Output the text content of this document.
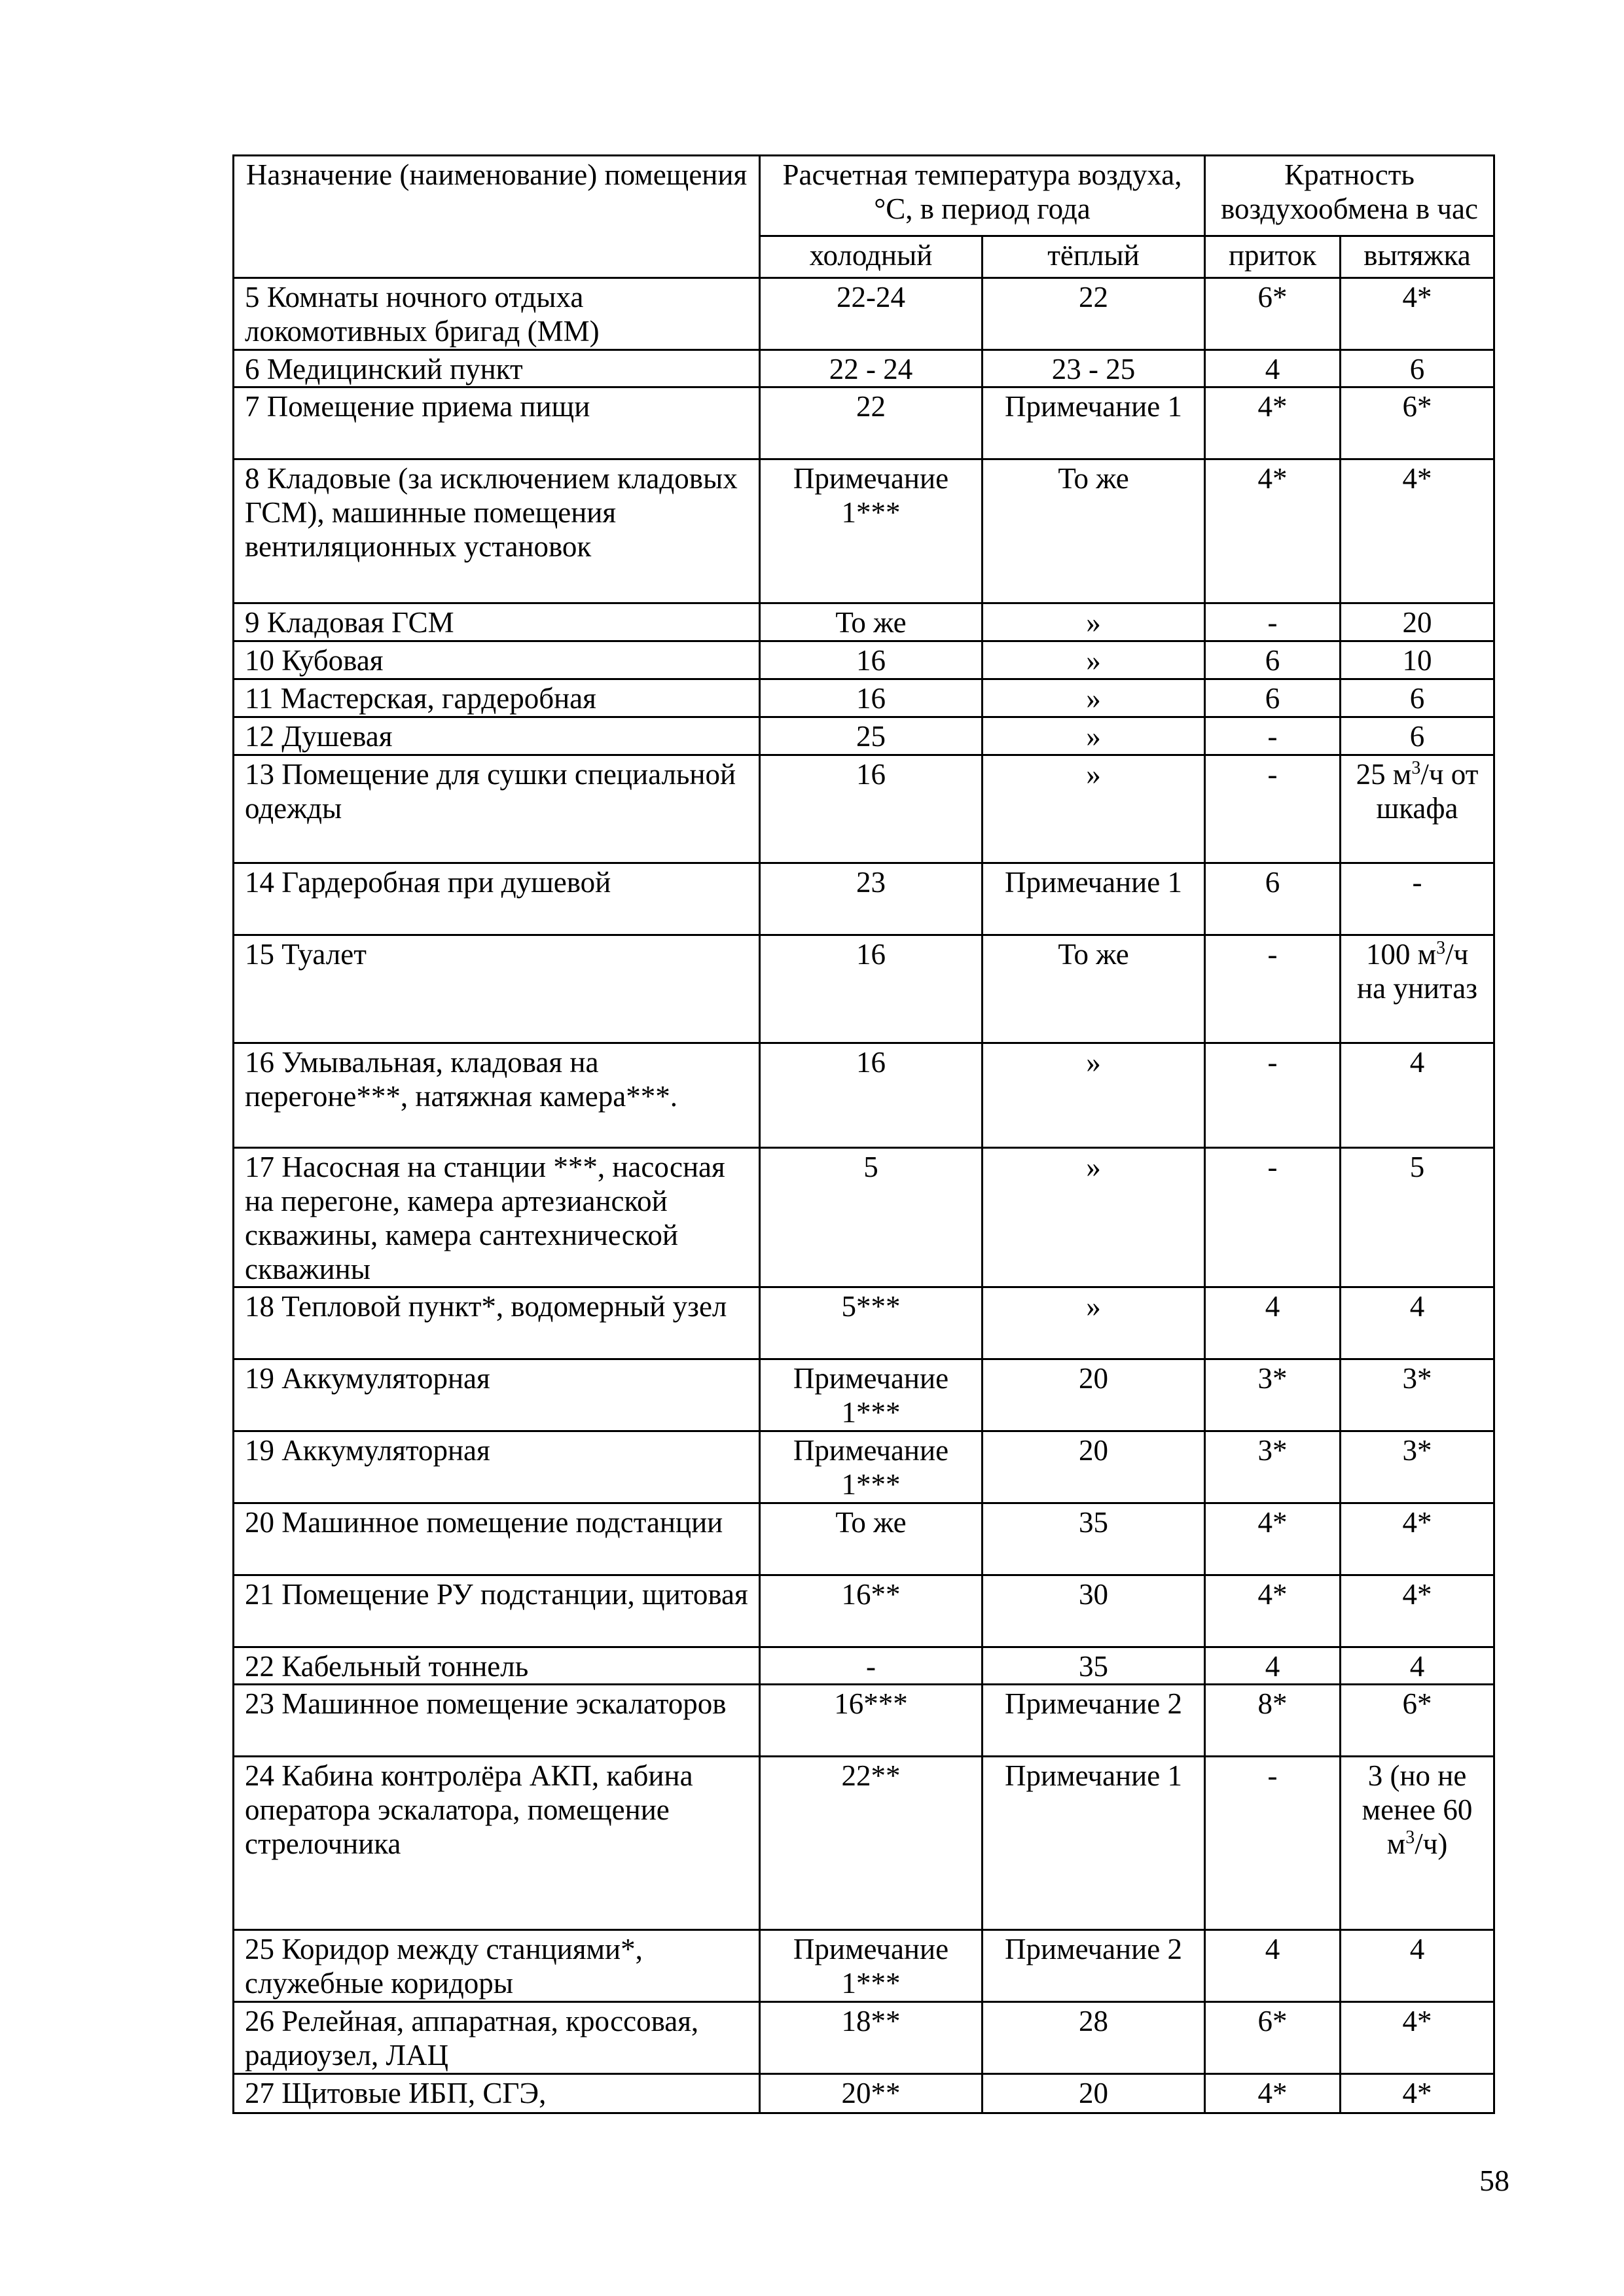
Назначение (наименование) помещения	Расчетная температура воздуха, °С, в период года		Кратность воздухообмена в час	
	холодный	тёплый	приток	вытяжка
5 Комнаты ночного отдыха локомотивных бригад (ММ)	22-24	22	6*	4*
6 Медицинский пункт	22 - 24	23 - 25	4	6
7 Помещение приема пищи	22	Примечание 1	4*	6*
8 Кладовые (за исключением кладовых ГСМ), машинные помещения вентиляционных установок	Примечание 1***	То же	4*	4*
9 Кладовая ГСМ	То же	»	-	20
10 Кубовая	16	»	6	10
11 Мастерская, гардеробная	16	»	6	6
12 Душевая	25	»	-	6
13 Помещение для сушки специальной одежды	16	»	-	25 $м^3/ч$ от шкафа
14 Гардеробная при душевой	23	Примечание 1	6	-
15 Туалет	16	То же	-	100 $м^3/ч$ на унитаз
16 Умывальная, кладовая на перегоне***, натяжная камера***.	16	»	-	4
17 Насосная на станции ***, насосная на перегоне, камера артезианской скважины, камера сантехнической скважины	5	»	-	5
18 Тепловой пункт*, водомерный узел	5***	»	4	4
19 Аккумуляторная	Примечание 1***	20	3*	3*
19 Аккумуляторная	Примечание 1***	20	3*	3*
20 Машинное помещение подстанции	То же	35	4*	4*
21 Помещение РУ подстанции, щитовая	16**	30	4*	4*
22 Кабельный тоннель	-	35	4	4
23 Машинное помещение эскалаторов	16***	Примечание 2	8*	6*
24 Кабина контролёра АКП, кабина оператора эскалатора, помещение стрелочника	22**	Примечание 1	-	3 (но не менее 60 $м^3/ч$)
25 Коридор между станциями*, служебные коридоры	Примечание 1***	Примечание 2	4	4
26 Релейная, аппаратная, кроссовая, радиоузел, ЛАЦ	18**	28	6*	4*
27 Щитовые ИБП, СГЭ,	20**	20	4*	4*
58
